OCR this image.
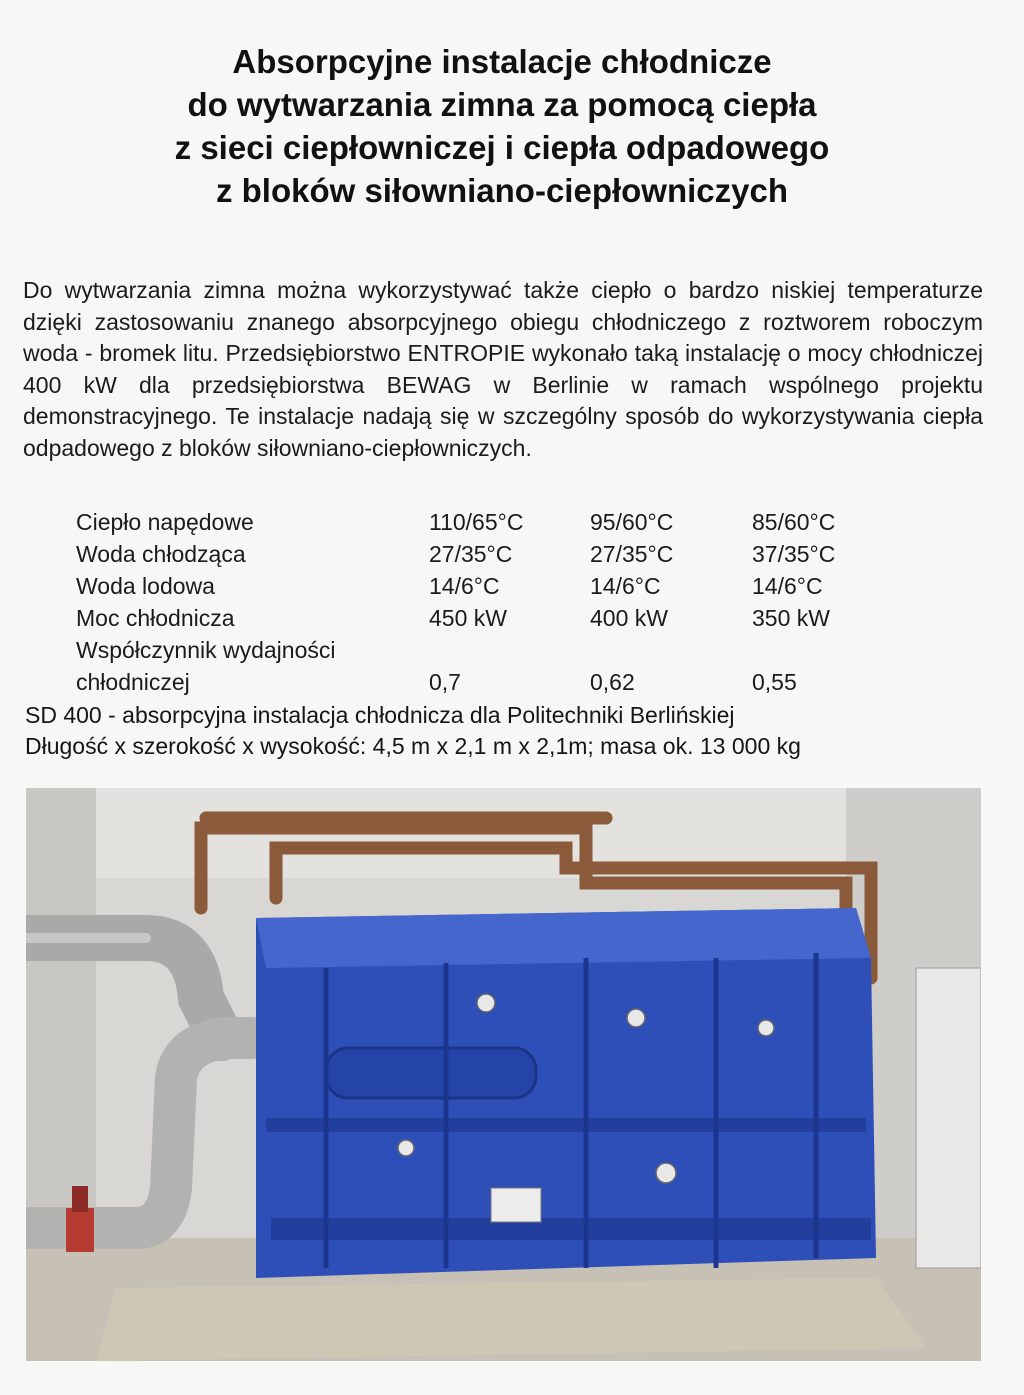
Absorpcyjne instalacje chłodnicze
do wytwarzania zimna za pomocą ciepła
z sieci ciepłowniczej i ciepła odpadowego
z bloków siłowniano-ciepłowniczych

Do wytwarzania zimna można wykorzystywać także ciepło o bardzo niskiej temperaturze dzięki zastosowaniu znanego absorpcyjnego obiegu chłodniczego z roztworem roboczym woda - bromek litu. Przedsiębiorstwo ENTROPIE wykonało taką instalację o mocy chłodniczej 400 kW dla przedsiębiorstwa BEWAG w Berlinie w ramach wspólnego projektu demonstracyjnego. Te instalacje nadają się w szczególny sposób do wykorzystywania ciepła odpadowego z bloków siłowniano-ciepłowniczych.

Ciepło napędowe	110/65°C	95/60°C	85/60°C
Woda chłodząca	27/35°C	27/35°C	37/35°C
Woda lodowa	14/6°C	14/6°C	14/6°C
Moc chłodnicza	450 kW	400 kW	350 kW
Współczynnik wydajności
chłodniczej	0,7	0,62	0,55
SD 400 - absorpcyjna instalacja chłodnicza dla Politechniki Berlińskiej
Długość x szerokość x wysokość: 4,5 m x 2,1 m x 2,1m; masa ok. 13 000 kg
